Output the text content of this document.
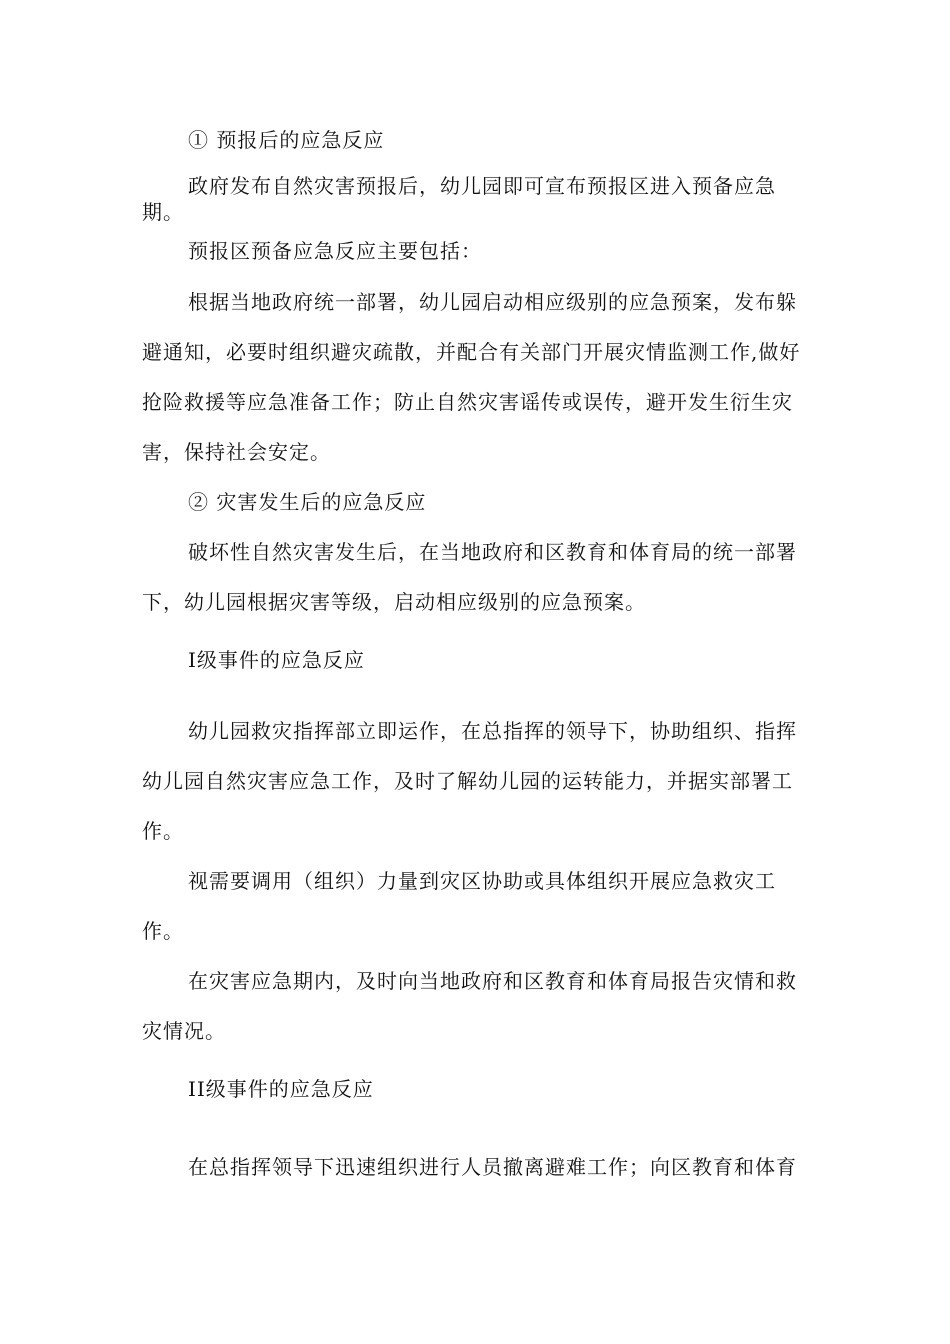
① 预报后的应急反应
政府发布自然灾害预报后，幼儿园即可宣布预报区进入预备应急
期。
预报区预备应急反应主要包括：
根据当地政府统一部署，幼儿园启动相应级别的应急预案，发布躲
避通知，必要时组织避灾疏散，并配合有关部门开展灾情监测工作,做好
抢险救援等应急准备工作；防止自然灾害谣传或误传，避开发生衍生灾
害，保持社会安定。
② 灾害发生后的应急反应
破坏性自然灾害发生后，在当地政府和区教育和体育局的统一部署
下，幼儿园根据灾害等级，启动相应级别的应急预案。
I级事件的应急反应
幼儿园救灾指挥部立即运作，在总指挥的领导下，协助组织、指挥
幼儿园自然灾害应急工作，及时了解幼儿园的运转能力，并据实部署工
作。
视需要调用（组织）力量到灾区协助或具体组织开展应急救灾工
作。
在灾害应急期内，及时向当地政府和区教育和体育局报告灾情和救
灾情况。
II级事件的应急反应
在总指挥领导下迅速组织进行人员撤离避难工作；向区教育和体育
